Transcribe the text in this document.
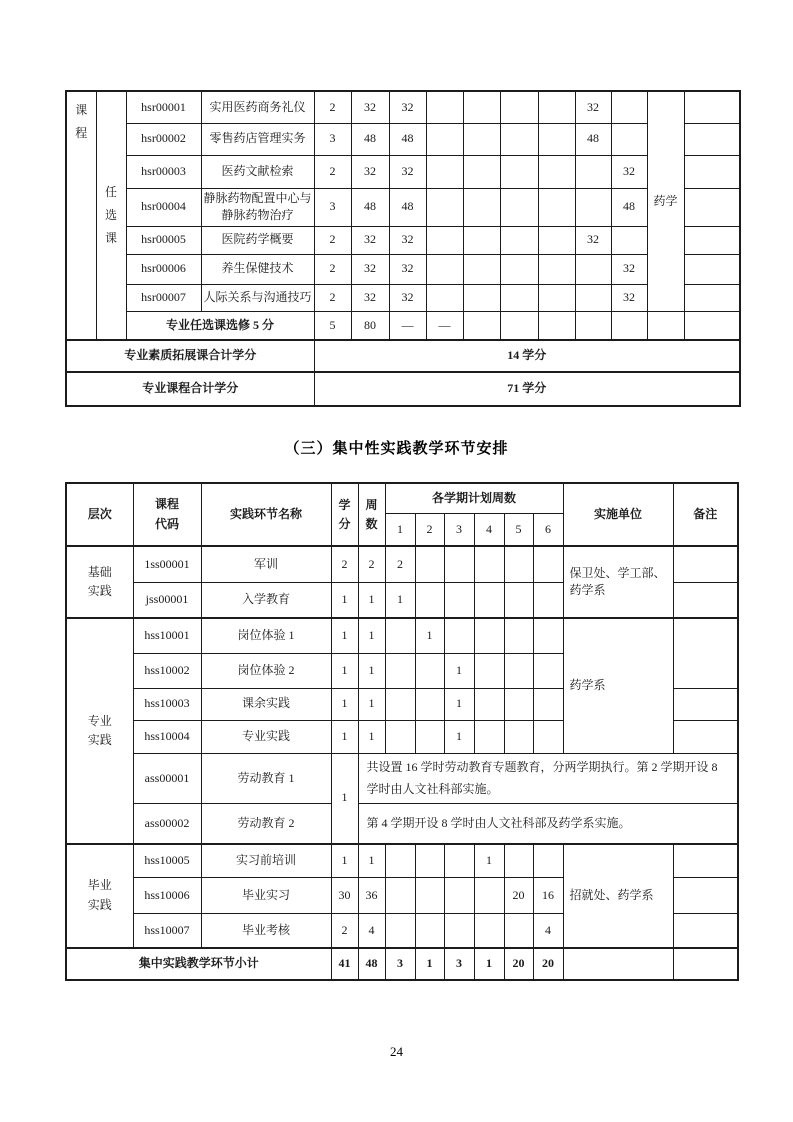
课程	任选课	hsr00001	实用医药商务礼仪	2	32	32					32		药学	
		hsr00002	零售药店管理实务	3	48	48					48			
		hsr00003	医药文献检索	2	32	32						32		
		hsr00004	静脉药物配置中心与静脉药物治疗	3	48	48						48		
		hsr00005	医院药学概要	2	32	32					32			
		hsr00006	养生保健技术	2	32	32						32		
		hsr00007	人际关系与沟通技巧	2	32	32						32		
		专业任选课选修 5 分		5	80	—	—							
专业素质拓展课合计学分				14 学分										
专业课程合计学分				71 学分										
（三）集中性实践教学环节安排
层次	课程代码	实践环节名称	学分	周数	各学期计划周数						实施单位	备注
					1	2	3	4	5	6		
基础实践	1ss00001	军训	2	2	2						保卫处、学工部、药学系	
	jss00001	入学教育	1	1	1							
专业实践	hss10001	岗位体验 1	1	1		1					药学系	
	hss10002	岗位体验 2	1	1			1					
	hss10003	课余实践	1	1			1					
	hss10004	专业实践	1	1			1					
	ass00001	劳动教育 1	1	共设置 16 学时劳动教育专题教育，分两学期执行。第 2 学期开设 8 学时由人文社科部实施。								
	ass00002	劳动教育 2		第 4 学期开设 8 学时由人文社科部及药学系实施。								
毕业实践	hss10005	实习前培训	1	1				1			招就处、药学系	
	hss10006	毕业实习	30	36					20	16		
	hss10007	毕业考核	2	4						4		
集中实践教学环节小计			41	48	3	1	3	1	20	20		
24
